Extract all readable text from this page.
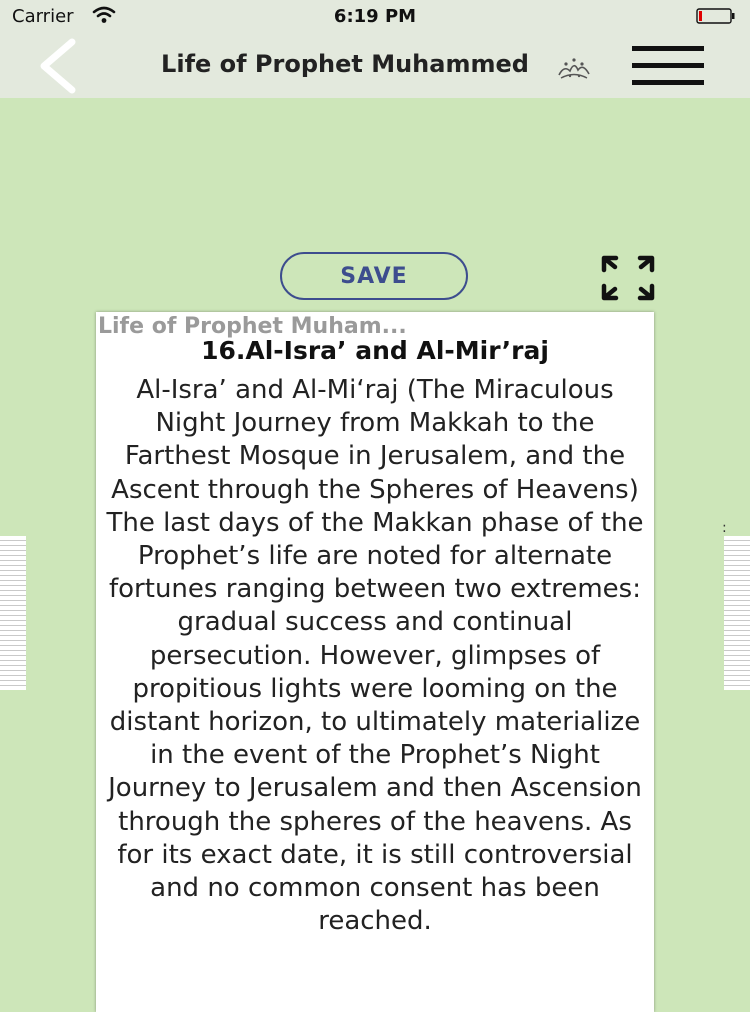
Carrier	6:19 PM
Life of Prophet Muhammed
SAVE
:
Life of Prophet Muham...
16.Al-Isra’ and Al-Mir’raj

Al-Isra’ and Al-Mi‘raj (The Miraculous Night Journey from Makkah to the Farthest Mosque in Jerusalem, and the Ascent through the Spheres of Heavens) The last days of the Makkan phase of the Prophet’s life are noted for alternate fortunes ranging between two extremes: gradual success and continual persecution. However, glimpses of propitious lights were looming on the distant horizon, to ultimately materialize in the event of the Prophet’s Night Journey to Jerusalem and then Ascension through the spheres of the heavens. As for its exact date, it is still controversial and no common consent has been reached.
